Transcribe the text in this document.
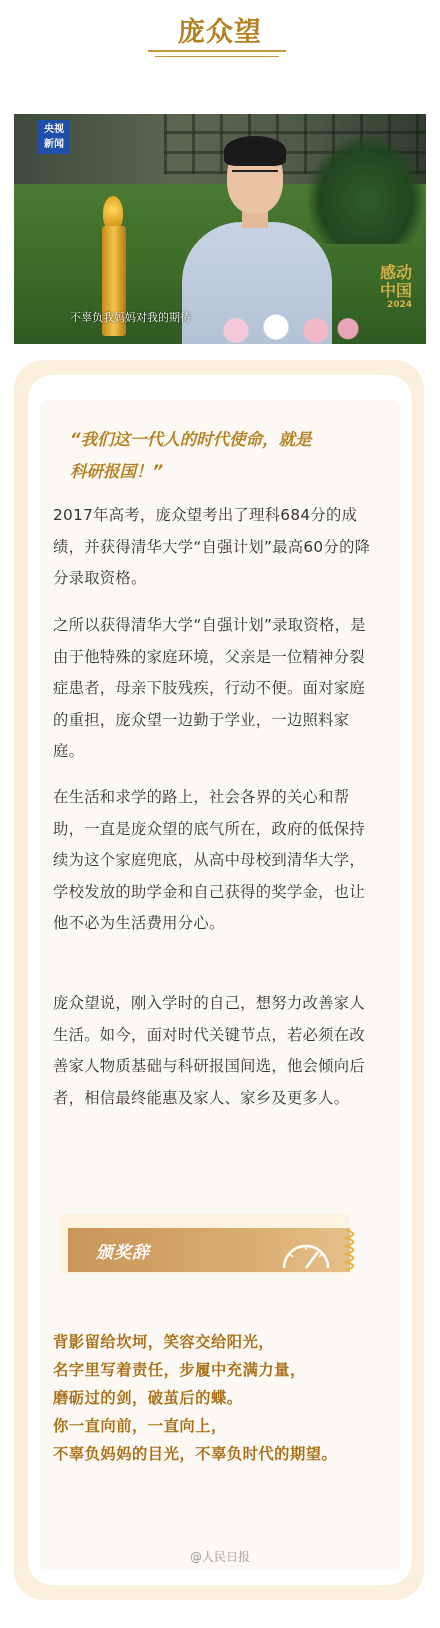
庞众望
央视
新闻
感动
中国
2024
不辜负我妈妈对我的期待
“我们这一代人的时代使命，就是
科研报国！”
2017年高考，庞众望考出了理科684分的成绩，并获得清华大学“自强计划”最高60分的降分录取资格。
之所以获得清华大学“自强计划”录取资格，是由于他特殊的家庭环境，父亲是一位精神分裂症患者，母亲下肢残疾，行动不便。面对家庭的重担，庞众望一边勤于学业，一边照料家庭。
在生活和求学的路上，社会各界的关心和帮助，一直是庞众望的底气所在，政府的低保持续为这个家庭兜底，从高中母校到清华大学，学校发放的助学金和自己获得的奖学金，也让他不必为生活费用分心。
庞众望说，刚入学时的自己，想努力改善家人生活。如今，面对时代关键节点，若必须在改善家人物质基础与科研报国间选，他会倾向后者，相信最终能惠及家人、家乡及更多人。
颁奖辞
背影留给坎坷，笑容交给阳光，
名字里写着责任，步履中充满力量，
磨砺过的剑，破茧后的蝶。
你一直向前，一直向上，
不辜负妈妈的目光，不辜负时代的期望。
@人民日报
